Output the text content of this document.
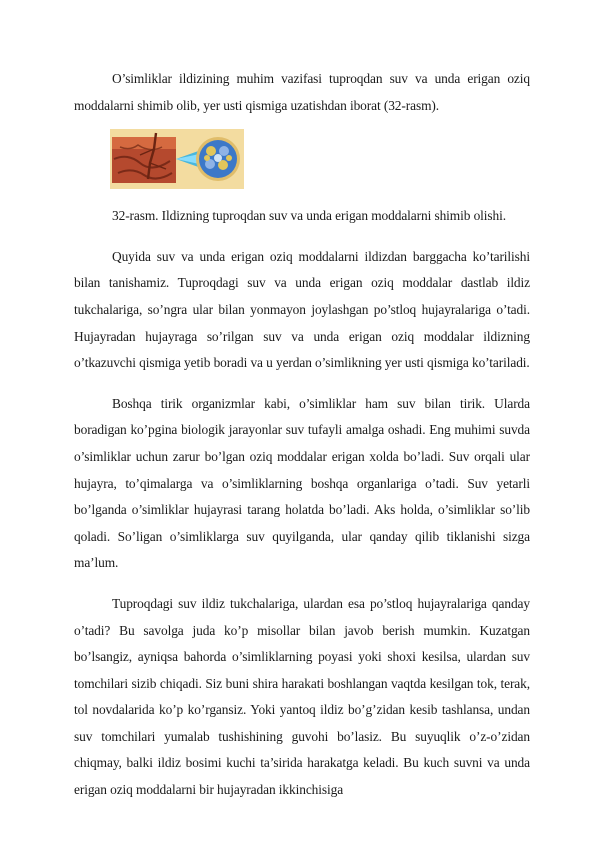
O’simliklar ildizining muhim vazifasi tuproqdan suv va unda erigan oziq moddalarni shimib olib, yer usti qismiga uzatishdan iborat (32-rasm).

32-rasm. Ildizning tuproqdan suv va unda erigan moddalarni shimib olishi.

Quyida suv va unda erigan oziq moddalarni ildizdan barggacha ko’tarilishi bilan tanishamiz. Tuproqdagi suv va unda erigan oziq moddalar dastlab ildiz tukchalariga, so’ngra ular bilan yonmayon joylashgan po’stloq hujayralariga o’tadi. Hujayradan hujayraga so’rilgan suv va unda erigan oziq moddalar ildizning o’tkazuvchi qismiga yetib boradi va u yerdan o’simlikning yer usti qismiga ko’tariladi.

Boshqa tirik organizmlar kabi, o’simliklar ham suv bilan tirik. Ularda boradigan ko’pgina biologik jarayonlar suv tufayli amalga oshadi. Eng muhimi suvda o’simliklar uchun zarur bo’lgan oziq moddalar erigan xolda bo’ladi. Suv orqali ular hujayra, to’qimalarga va o’simliklarning boshqa organlariga o’tadi. Suv yetarli bo’lganda o’simliklar hujayrasi tarang holatda bo’ladi. Aks holda, o’simliklar so’lib qoladi. So’ligan o’simliklarga suv quyilganda, ular qanday qilib tiklanishi sizga ma’lum.

Tuproqdagi suv ildiz tukchalariga, ulardan esa po’stloq hujayralariga qanday o’tadi? Bu savolga juda ko’p misollar bilan javob berish mumkin. Kuzatgan bo’lsangiz, ayniqsa bahorda o’simliklarning poyasi yoki shoxi kesilsa, ulardan suv tomchilari sizib chiqadi. Siz buni shira harakati boshlangan vaqtda kesilgan tok, terak, tol novdalarida ko’p ko’rgansiz. Yoki yantoq ildiz bo’g’zidan kesib tashlansa, undan suv tomchilari yumalab tushishining guvohi bo’lasiz. Bu suyuqlik o’z-o’zidan chiqmay, balki ildiz bosimi kuchi ta’sirida harakatga keladi. Bu kuch suvni va unda erigan oziq moddalarni bir hujayradan ikkinchisiga
